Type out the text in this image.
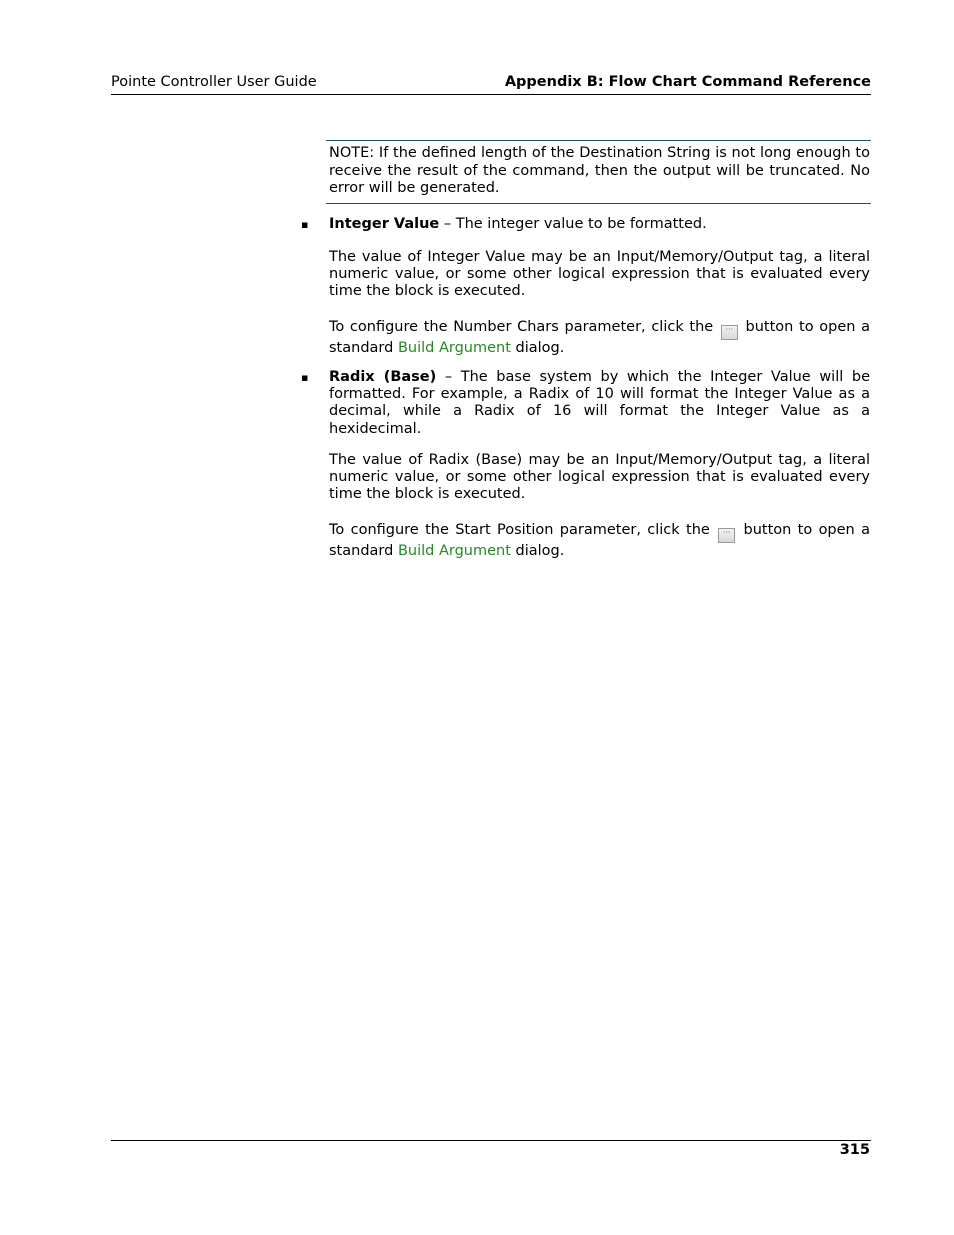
Pointe Controller User Guide	Appendix B: Flow Chart Command Reference
NOTE: If the defined length of the Destination String is not long enough to receive the result of the command, then the output will be truncated. No error will be generated.
▪ Integer Value – The integer value to be formatted.
The value of Integer Value may be an Input/Memory/Output tag, a literal numeric value, or some other logical expression that is evaluated every time the block is executed.
To configure the Number Chars parameter, click the ··· button to open a standard Build Argument dialog.
▪ Radix (Base) – The base system by which the Integer Value will be formatted. For example, a Radix of 10 will format the Integer Value as a decimal, while a Radix of 16 will format the Integer Value as a hexidecimal.
The value of Radix (Base) may be an Input/Memory/Output tag, a literal numeric value, or some other logical expression that is evaluated every time the block is executed.
To configure the Start Position parameter, click the ··· button to open a standard Build Argument dialog.
315
